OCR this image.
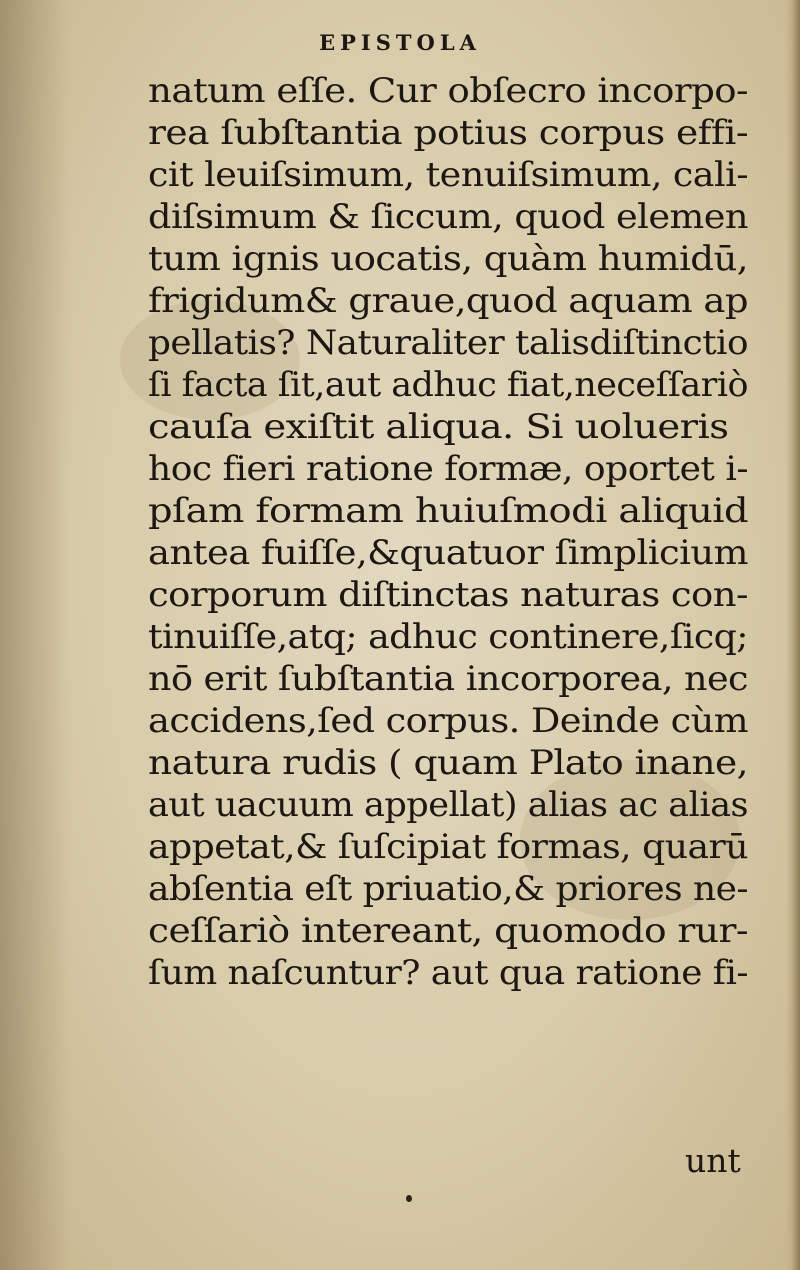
EPISTOLA
natum eſſe. Cur obſecro incorpo-
rea ſubſtantia potius corpus effi-
cit leuiſsimum, tenuiſsimum, cali-
diſsimum & ſiccum, quod elemen
tum ignis uocatis, quàm humidū,
frigidum& graue,quod aquam ap
pellatis? Naturaliter talisdiſtinctio
ſi facta ſit,aut adhuc fiat,neceſſariò
cauſa exiſtit aliqua. Si uolueris
hoc fieri ratione formæ, oportet i-
pſam formam huiuſmodi aliquid
antea fuiſſe,&quatuor ſimplicium
corporum diſtinctas naturas con-
tinuiſſe,atq; adhuc continere,ſicq;
nō erit ſubſtantia incorporea, nec
accidens,ſed corpus. Deinde cùm
natura rudis ( quam Plato inane,
aut uacuum appellat) alias ac alias
appetat,& ſuſcipiat formas, quarū
abſentia eſt priuatio,& priores ne-
ceſſariò intereant, quomodo rur-
ſum naſcuntur? aut qua ratione fi-
unt
